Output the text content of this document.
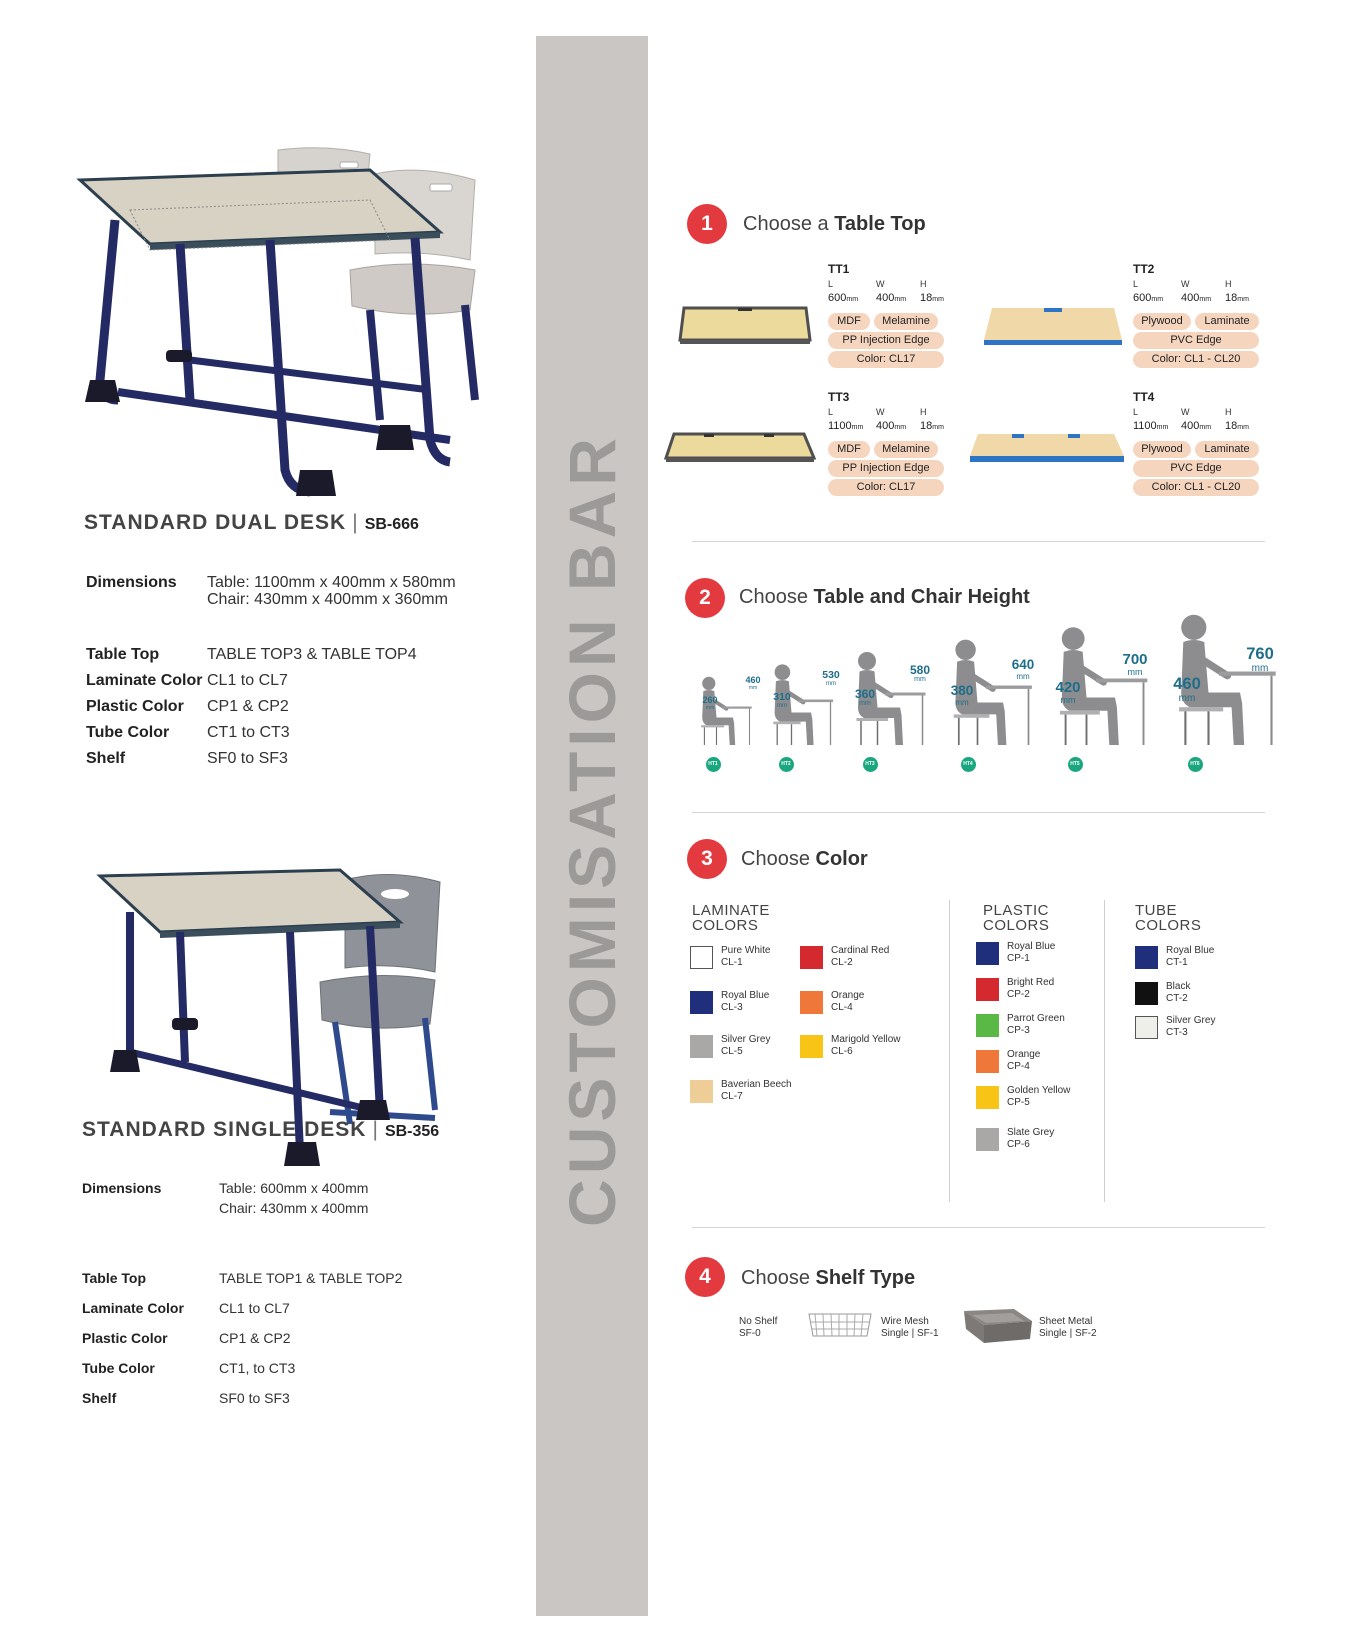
STANDARD DUAL DESK | SB-666
Dimensions Table: 1100mm x 400mm x 580mm
Chair: 430mm x 400mm x 360mm
Table Top	TABLE TOP3 & TABLE TOP4
Laminate Color CL1 to CL7
Plastic Color CP1 & CP2
Tube Color CT1 to CT3
Shelf	SF0 to SF3
STANDARD SINGLE DESK | SB-356
Dimensions	Table: 600mm x 400mm
Chair: 430mm x 400mm
Table Top	TABLE TOP1 & TABLE TOP2
Laminate Color	CL1 to CL7
Plastic Color	CP1 & CP2
Tube Color	CT1, to CT3
Shelf	SF0 to SF3
CUSTOMISATION BAR
1	Choose a Table Top
TT1
L	W	H
600mm 400mm 18mm
MDF	Melamine
PP Injection Edge
Color: CL17
TT2
L	W	H
600mm 400mm 18mm
Plywood	Laminate
PVC Edge
Color: CL1 - CL20
TT3
L	W	H
1100mm 400mm 18mm
MDF	Melamine
PP Injection Edge
Color: CL17
TT4
L	W	H
1100mm 400mm 18mm
Plywood	Laminate
PVC Edge
Color: CL1 - CL20
2	Choose Table and Chair Height
260
mm
460
mm
HT1
310
mm
530
mm
HT2
360
mm
580
mm
HT3
380
mm
640
mm
HT4
420
mm
700
mm
HT5
460
mm
760
mm
HT6
3	Choose Color
LAMINATE
COLORS
Pure White
CL-1
Cardinal Red
CL-2
Royal Blue
CL-3
Orange
CL-4
Silver Grey
CL-5
Marigold Yellow
CL-6
Baverian Beech
CL-7
PLASTIC
COLORS
Royal Blue
CP-1
Bright Red
CP-2
Parrot Green
CP-3
Orange
CP-4
Golden Yellow
CP-5
Slate Grey
CP-6
TUBE
COLORS
Royal Blue
CT-1
Black
CT-2
Silver Grey
CT-3
4	Choose Shelf Type
No Shelf
SF-0
Wire Mesh
Single | SF-1
Sheet Metal
Single | SF-2
